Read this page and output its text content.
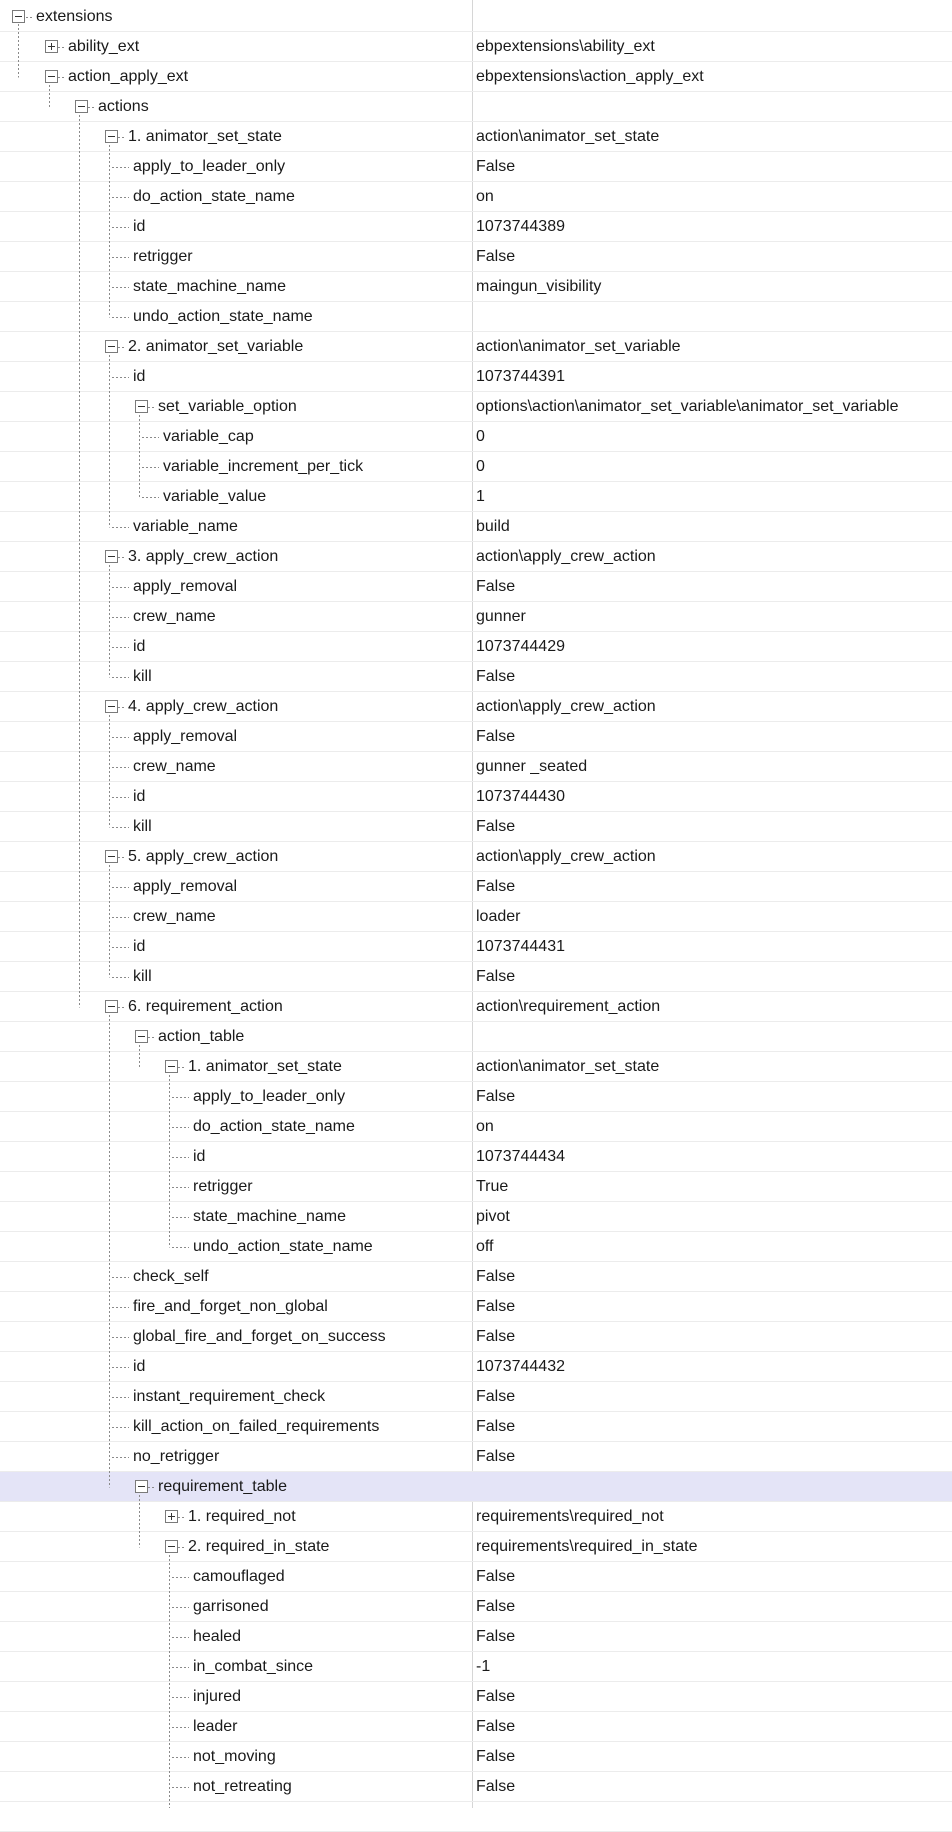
extensions
ability_ext	ebpextensions\ability_ext
action_apply_ext	ebpextensions\action_apply_ext
actions
1. animator_set_state	action\animator_set_state
apply_to_leader_only	False
do_action_state_name	on
id	1073744389
retrigger	False
state_machine_name	maingun_visibility
undo_action_state_name
2. animator_set_variable	action\animator_set_variable
id	1073744391
set_variable_option	options\action\animator_set_variable\animator_set_variable
variable_cap	0
variable_increment_per_tick	0
variable_value	1
variable_name	build
3. apply_crew_action	action\apply_crew_action
apply_removal	False
crew_name	gunner
id	1073744429
kill	False
4. apply_crew_action	action\apply_crew_action
apply_removal	False
crew_name	gunner _seated
id	1073744430
kill	False
5. apply_crew_action	action\apply_crew_action
apply_removal	False
crew_name	loader
id	1073744431
kill	False
6. requirement_action	action\requirement_action
action_table
1. animator_set_state	action\animator_set_state
apply_to_leader_only	False
do_action_state_name	on
id	1073744434
retrigger	True
state_machine_name	pivot
undo_action_state_name	off
check_self	False
fire_and_forget_non_global	False
global_fire_and_forget_on_success	False
id	1073744432
instant_requirement_check	False
kill_action_on_failed_requirements	False
no_retrigger	False
requirement_table
1. required_not	requirements\required_not
2. required_in_state	requirements\required_in_state
camouflaged	False
garrisoned	False
healed	False
in_combat_since	-1
injured	False
leader	False
not_moving	False
not_retreating	False
